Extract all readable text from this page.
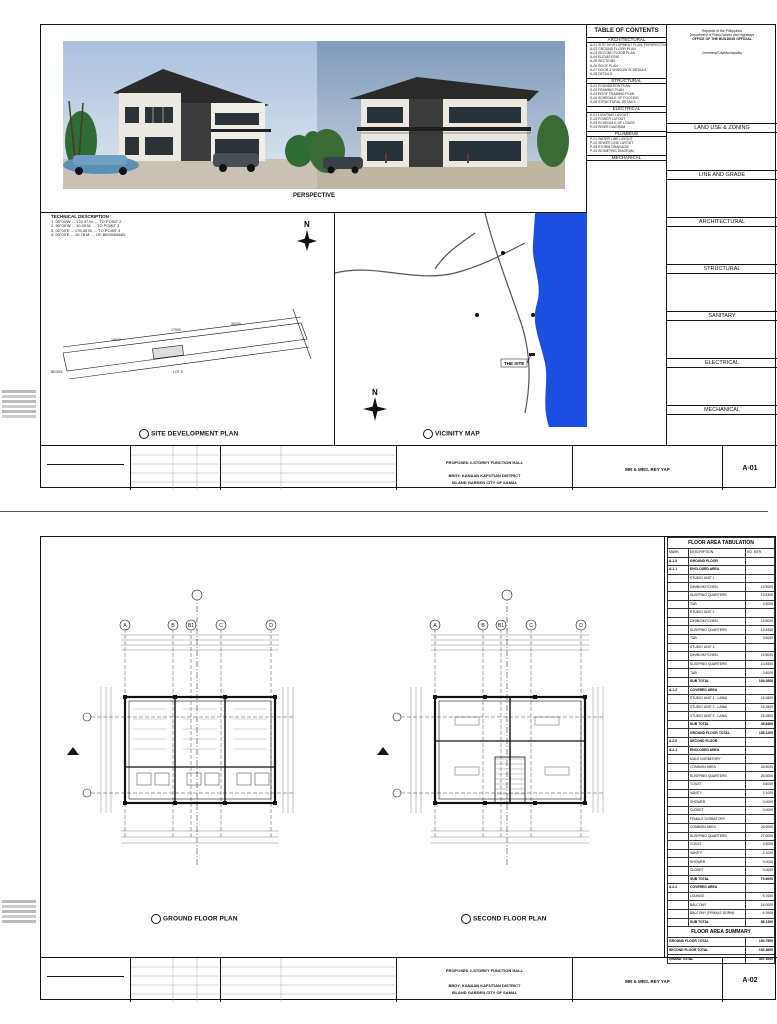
PERSPECTIVE
TECHNICAL DESCRIPTION :
1. 00°00'W ... 176.37 M. ... TO POINT 2
2. 89°00'W ... 10.00 M. ... TO POINT 3
3. 00°00'E ... 176.30 M. ... TO POINT 4
4. 00°00'E ... 10.78 M. ... OF BEGINNING
N
15000
17000
30000
BEGIN	LOT 5
SITE DEVELOPMENT PLAN
THE SITE
N
VICINITY MAP
TABLE OF CONTENTS
ARCHITECTURAL
A-01 SITE DEVELOPMENT PLAN, PERSPECTIVE
A-02 GROUND FLOOR PLAN
A-03 SECOND FLOOR PLAN
A-04 ELEVATIONS
A-05 SECTIONS
A-06 ROOF PLAN
A-07 DOOR & WINDOW SCHEDULE
A-08 DETAILS
STRUCTURAL
S-01 FOUNDATION PLAN
S-02 FRAMING PLAN
S-03 ROOF FRAMING PLAN
S-04 SCHEDULE OF FOOTING
S-05 STRUCTURAL DETAILS
ELECTRICAL
E-01 LIGHTING LAYOUT
E-02 POWER LAYOUT
E-03 SCHEDULE OF LOADS
E-04 RISER DIAGRAM
PLUMBING
P-01 WATER LINE LAYOUT
P-02 SEWER LINE LAYOUT
P-03 STORM DRAINAGE
P-04 ISOMETRIC DIAGRAM
MECHANICAL
Republic of the Philippines
Department of Public Works and Highways
OFFICE OF THE BUILDING OFFICIAL
Cemetery/City/Municipality
LAND USE & ZONING
LINE AND GRADE
ARCHITECTURAL
STRUCTURAL
SANITARY
ELECTRICAL
MECHANICAL
PROPOSED 2-STOREY FUNCTION HALL
BRGY. KANAAN KAPUTIAN DISTRICT
ISLAND GARDEN CITY OF SAMAL
MR & MRS. REY YAP	A-01
A	B	B1	C	D	A	B	B1	C	D
GROUND FLOOR PLAN	SECOND FLOOR PLAN
FLOOR AREA TABULATION		
MARK	DESCRIPTION	SQ. MTR.
A.1.0	GROUND FLOOR	
A.1.1	ENCLOSED AREA	
	STUDIO UNIT 1	
	DINING/KITCHEN	19.5000
	SLEEPING QUARTERS	13.8300
	T&B	3.6000
	STUDIO UNIT 2	
	DINING/KITCHEN	19.5000
	SLEEPING QUARTERS	13.8300
	T&B	3.6000
	STUDIO UNIT 3	
	DINING/KITCHEN	19.5000
	SLEEPING QUARTERS	13.8300
	T&B	3.6000
	SUB TOTAL	109.2800
A.1.2	COVERED AREA	
	STUDIO UNIT 1 - LANAI	15.2800
	STUDIO UNIT 2 - LANAI	15.2800
	STUDIO UNIT 3 - LANAI	15.2800
	SUB TOTAL	45.8400
	GROUND FLOOR TOTAL	155.1200
A.2.0	SECOND FLOOR	
A.2.1	ENCLOSED AREA	
	MALE DORMITORY	
	COMMON AREA	26.5000
	SLEEPING QUARTERS	26.5000
	TOILET	3.6000
	VANITY	2.1000
	SHOWER	3.0000
	CLOSET	3.0000
	FEMALE DORMITORY	
	COMMON AREA	26.5000
	SLEEPING QUARTERS	27.0000
	TOILET	3.6000
	VANITY	2.1000
	SHOWER	3.0000
	CLOSET	3.0000
	SUB TOTAL	73.6000
A.2.2	COVERED AREA	
	LOUNGE	9.7600
	BALCONY	16.0000
	BALCONY (FEMALE DORM)	6.3900
	SUB TOTAL	86.1300
FLOOR AREA SUMMARY		
GROUND FLOOR TOTAL		154.7500
SECOND FLOOR TOTAL		152.3600
GRAND TOTAL		307.1000
PROPOSED 2-STOREY FUNCTION HALL
BRGY. KANAAN KAPUTIAN DISTRICT
ISLAND GARDEN CITY OF SAMAL
MR & MRS. REY YAP	A-02
